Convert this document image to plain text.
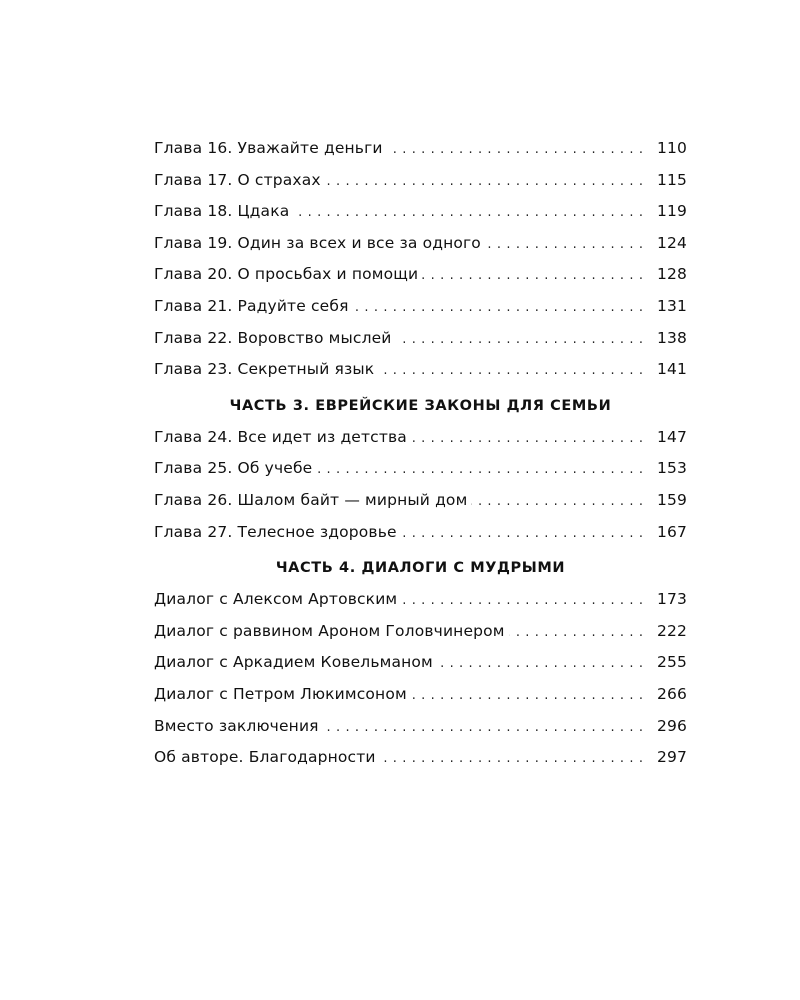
Глава 16. Уважайте деньги . . .	110
Глава 17. О страхах . . .	115
Глава 18. Цдака . . .	119
Глава 19. Один за всех и все за одного . . .	124
Глава 20. О просьбах и помощи . . .	128
Глава 21. Радуйте себя . . .	131
Глава 22. Воровство мыслей . . .	138
Глава 23. Секретный язык . . .	141
ЧАСТЬ 3. ЕВРЕЙСКИЕ ЗАКОНЫ ДЛЯ СЕМЬИ
Глава 24. Все идет из детства . . .	147
Глава 25. Об учебе . . .	153
Глава 26. Шалом байт — мирный дом . . .	159
Глава 27. Телесное здоровье . . .	167
ЧАСТЬ 4. ДИАЛОГИ С МУДРЫМИ
Диалог с Алексом Артовским . . .	173
Диалог с раввином Ароном Головчинером . . .	222
Диалог с Аркадием Ковельманом . . .	255
Диалог с Петром Люкимсоном . . .	266
Вместо заключения . . .	296
Об авторе. Благодарности . . .	297
